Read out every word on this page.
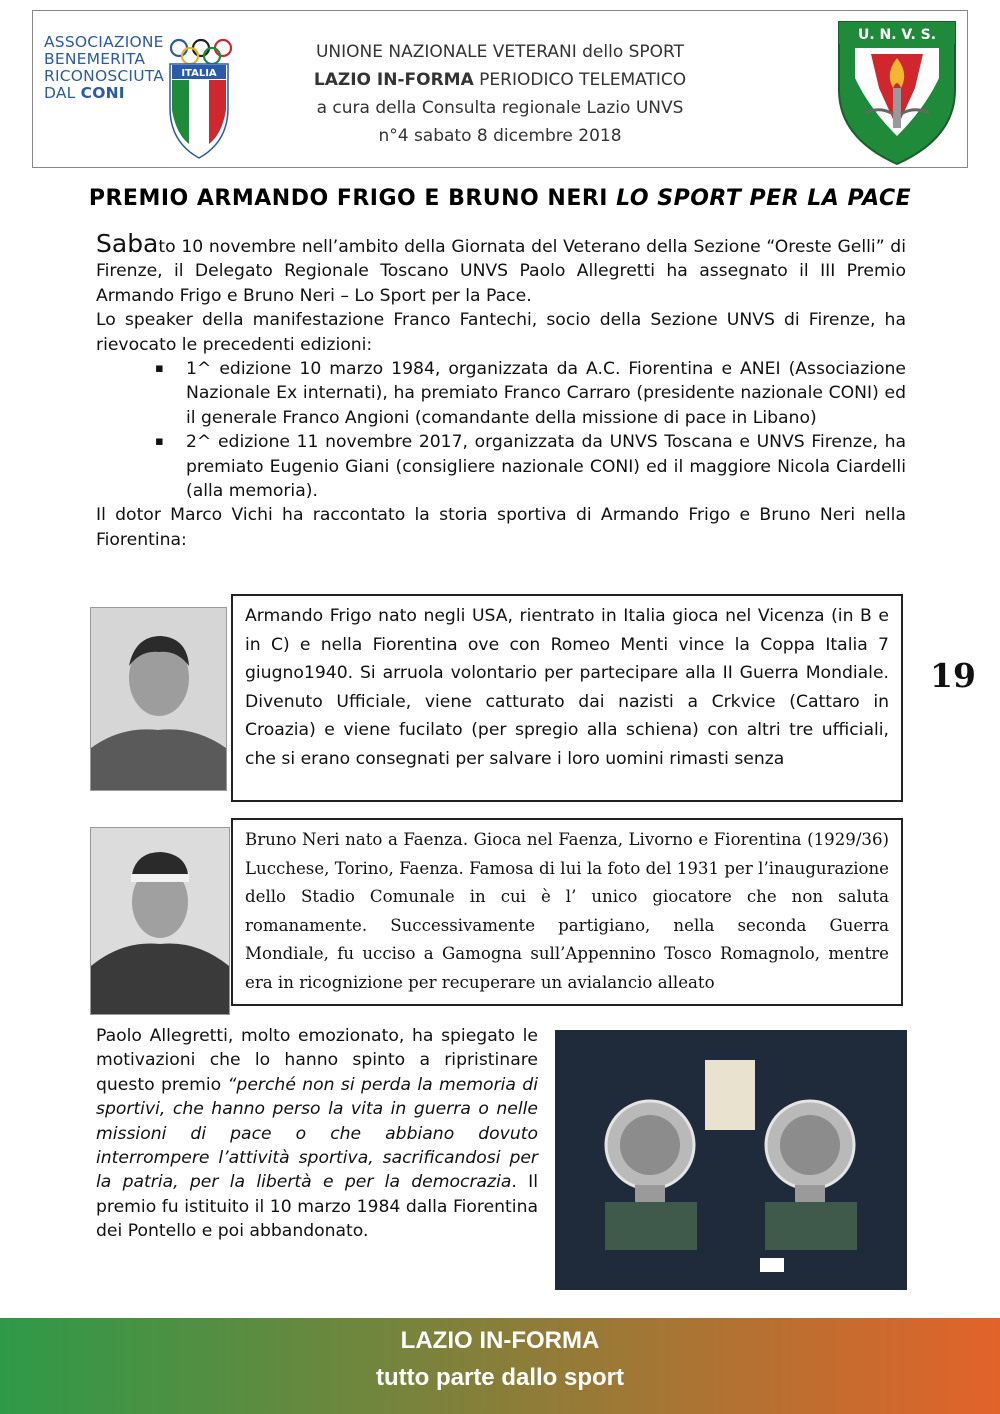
ASSOCIAZIONE
BENEMERITA
RICONOSCIUTA
DAL CONI
ITALIA
UNIONE NAZIONALE VETERANI dello SPORT
LAZIO IN-FORMA PERIODICO TELEMATICO
a cura della Consulta regionale Lazio UNVS
n°4 sabato 8 dicembre 2018
U. N. V. S.
PREMIO ARMANDO FRIGO E BRUNO NERI LO SPORT PER LA PACE

Sabato 10 novembre nell’ambito della Giornata del Veterano della Sezione “Oreste Gelli” di Firenze, il Delegato Regionale Toscano UNVS Paolo Allegretti ha assegnato il III Premio Armando Frigo e Bruno Neri – Lo Sport per la Pace.

Lo speaker della manifestazione Franco Fantechi, socio della Sezione UNVS di Firenze, ha rievocato le precedenti edizioni:

▪ 1^ edizione 10 marzo 1984, organizzata da A.C. Fiorentina e ANEI (Associazione Nazionale Ex internati), ha premiato Franco Carraro (presidente nazionale CONI) ed il generale Franco Angioni (comandante della missione di pace in Libano)
▪ 2^ edizione 11 novembre 2017, organizzata da UNVS Toscana e UNVS Firenze, ha premiato Eugenio Giani (consigliere nazionale CONI) ed il maggiore Nicola Ciardelli (alla memoria).

Il dotor Marco Vichi ha raccontato la storia sportiva di Armando Frigo e Bruno Neri nella Fiorentina:

Armando Frigo nato negli USA, rientrato in Italia gioca nel Vicenza (in B e in C) e nella Fiorentina ove con Romeo Menti vince la Coppa Italia 7 giugno1940. Si arruola volontario per partecipare alla II Guerra Mondiale. Divenuto Ufficiale, viene catturato dai nazisti a Crkvice (Cattaro in Croazia) e viene fucilato (per spregio alla schiena) con altri tre ufficiali, che si erano consegnati per salvare i loro uomini rimasti senza
Bruno Neri nato a Faenza. Gioca nel Faenza, Livorno e Fiorentina (1929/36) Lucchese, Torino, Faenza. Famosa di lui la foto del 1931 per l’inaugurazione dello Stadio Comunale in cui è l’ unico giocatore che non saluta romanamente. Successivamente partigiano, nella seconda Guerra Mondiale, fu ucciso a Gamogna sull’Appennino Tosco Romagnolo, mentre era in ricognizione per recuperare un avialancio alleato
Paolo Allegretti, molto emozionato, ha spiegato le motivazioni che lo hanno spinto a ripristinare questo premio “perché non si perda la memoria di sportivi, che hanno perso la vita in guerra o nelle missioni di pace o che abbiano dovuto interrompere l’attività sportiva, sacrificandosi per la patria, per la libertà e per la democrazia. Il premio fu istituito il 10 marzo 1984 dalla Fiorentina dei Pontello e poi abbandonato.
19
LAZIO IN-FORMA
tutto parte dallo sport
